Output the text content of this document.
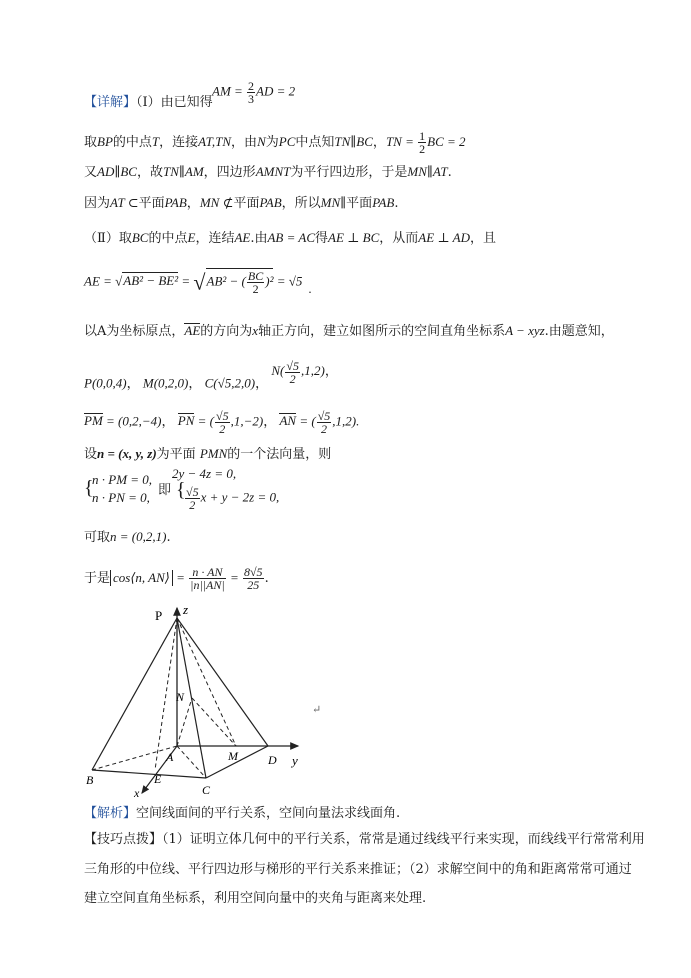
AM = $\frac{2}{3}$ AD = 2
【详解】（Ⅰ）由已知得
取BP的中点T，连接AT,TN，由N为PC中点知TN∥BC，TN = $\frac{1}{2}$ BC = 2
又AD∥BC，故TN∥AM，四边形AMNT为平行四边形，于是MN∥AT.
因为AT ⊂平面PAB，MN ⊄平面PAB，所以MN∥平面PAB.
（Ⅱ）取BC的中点E，连结AE.由AB = AC得AE ⊥ BC，从而AE ⊥ AD，且
AE = √AB² − BE² = √AB² − ( $\frac{BC}{2} )^2 = √5$.
以A为坐标原点，AE的方向为x轴正方向，建立如图所示的空间直角坐标系A − xyz.由题意知，
P(0,0,4)， M(0,2,0)， C(√5,2,0)， $N( \frac{√5}{2} ,1,2)$，
PM = (0,2,−4)， PN = ( $\frac{√5}{2} ,1,-2$)， AN = ( $\frac{√5}{2} ,1,2$).
设n = (x, y, z)为平面 PMN的一个法向量，则
{
n · PM = 0,
n · PN = 0,
即 {
2y − 4z = 0,
$\frac{√5}{2}$ x + y − 2z = 0,
可取n = (0,2,1).
于是 cos⟨n, AN⟩ = $\frac{n \cdot AN}{|n||AN|} = \frac{8√5}{25}$ .
z
y
P
N
A	M	D
B	E
C
x
↵
【解析】空间线面间的平行关系，空间向量法求线面角.
【技巧点拨】（1）证明立体几何中的平行关系，常常是通过线线平行来实现，而线线平行常常利用
三角形的中位线、平行四边形与梯形的平行关系来推证；（2）求解空间中的角和距离常常可通过
建立空间直角坐标系，利用空间向量中的夹角与距离来处理.
